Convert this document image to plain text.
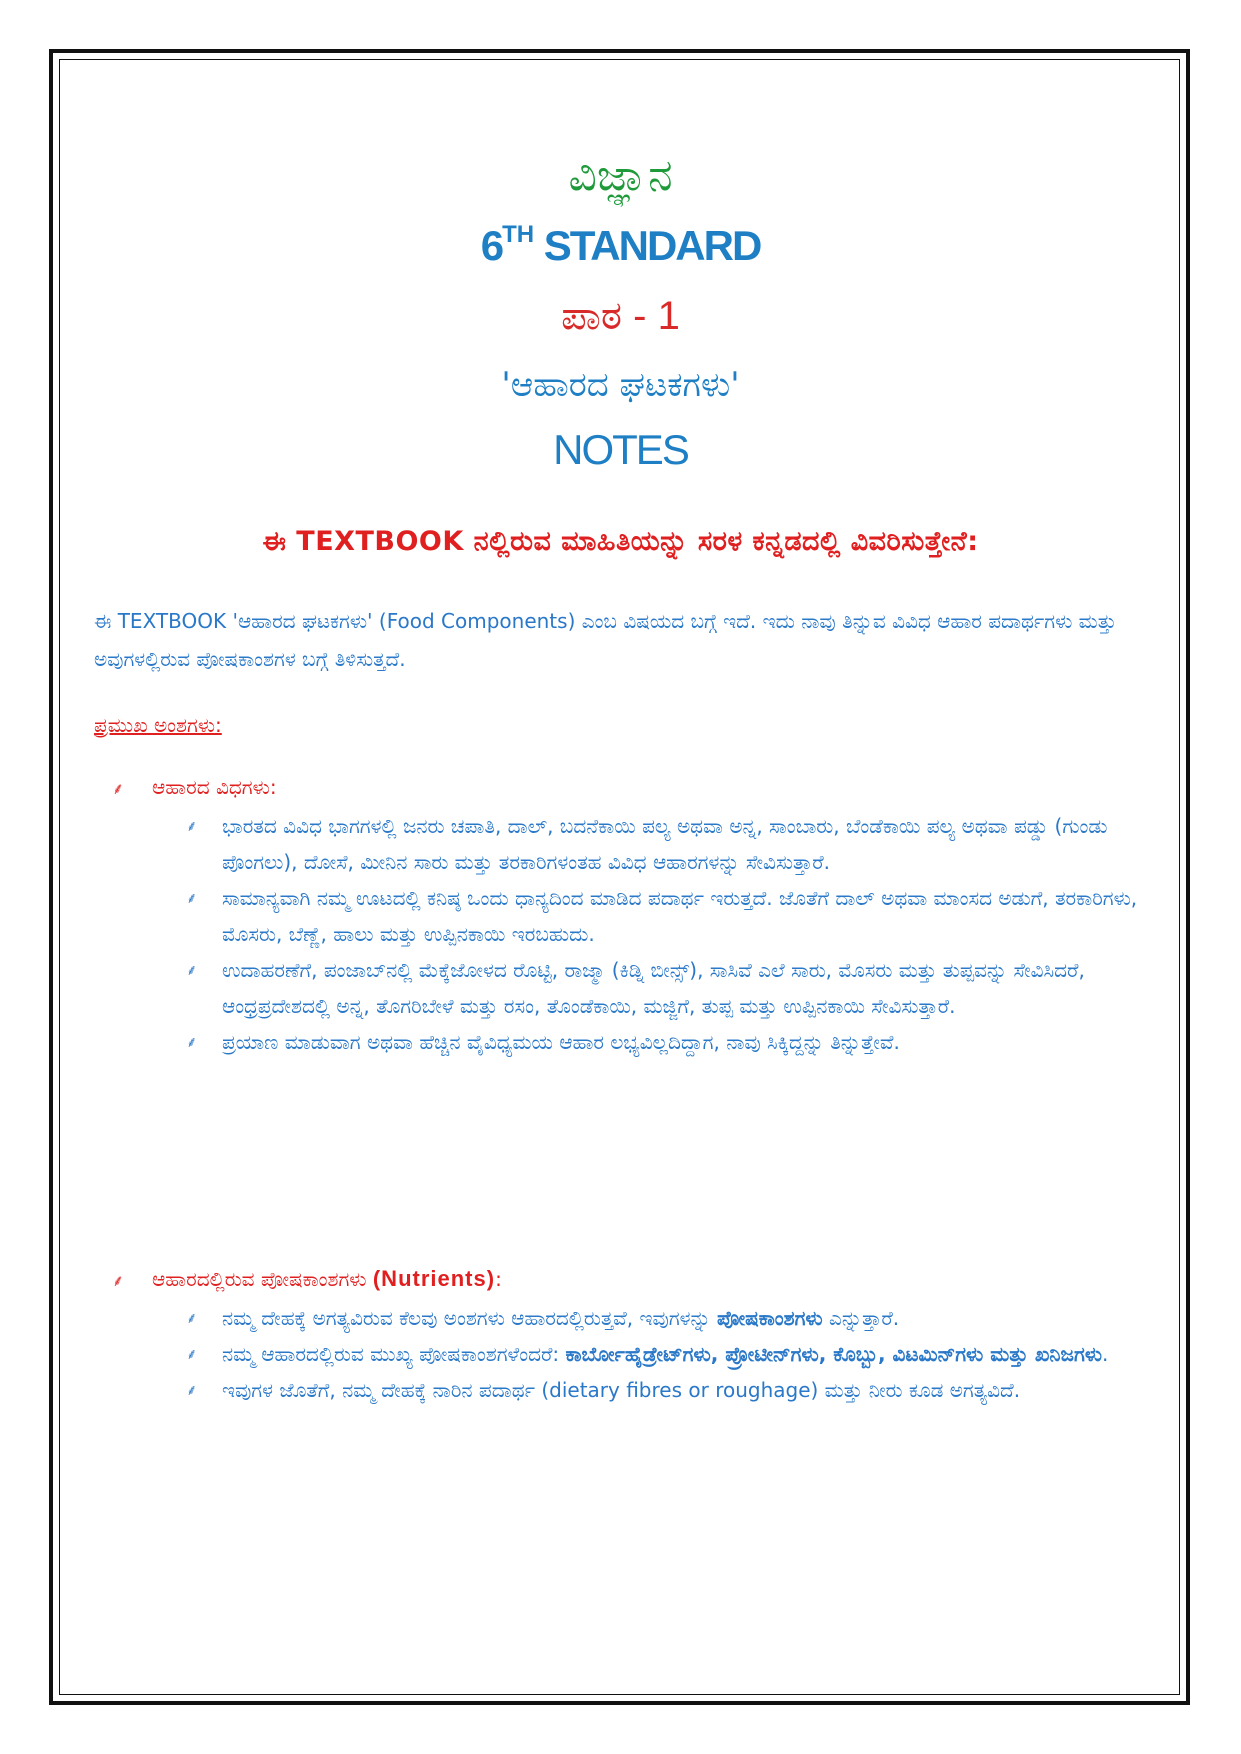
ವಿಜ್ಞಾನ
6TH STANDARD
ಪಾಠ - 1
'ಆಹಾರದ ಘಟಕಗಳು'
NOTES
ಈ TEXTBOOK ನಲ್ಲಿರುವ ಮಾಹಿತಿಯನ್ನು ಸರಳ ಕನ್ನಡದಲ್ಲಿ ವಿವರಿಸುತ್ತೇನೆ:

ಈ TEXTBOOK 'ಆಹಾರದ ಘಟಕಗಳು' (Food Components) ಎಂಬ ವಿಷಯದ ಬಗ್ಗೆ ಇದೆ. ಇದು ನಾವು ತಿನ್ನುವ ವಿವಿಧ ಆಹಾರ ಪದಾರ್ಥಗಳು ಮತ್ತು ಅವುಗಳಲ್ಲಿರುವ ಪೋಷಕಾಂಶಗಳ ಬಗ್ಗೆ ತಿಳಿಸುತ್ತದೆ.

ಪ್ರಮುಖ ಅಂಶಗಳು:

⸙ ಆಹಾರದ ವಿಧಗಳು:

⸙ ಭಾರತದ ವಿವಿಧ ಭಾಗಗಳಲ್ಲಿ ಜನರು ಚಪಾತಿ, ದಾಲ್, ಬದನೆಕಾಯಿ ಪಲ್ಯ ಅಥವಾ ಅನ್ನ, ಸಾಂಬಾರು, ಬೆಂಡೆಕಾಯಿ ಪಲ್ಯ ಅಥವಾ ಪಡ್ಡು (ಗುಂಡು ಪೊಂಗಲು), ದೋಸೆ, ಮೀನಿನ ಸಾರು ಮತ್ತು ತರಕಾರಿಗಳಂತಹ ವಿವಿಧ ಆಹಾರಗಳನ್ನು ಸೇವಿಸುತ್ತಾರೆ.
⸙ ಸಾಮಾನ್ಯವಾಗಿ ನಮ್ಮ ಊಟದಲ್ಲಿ ಕನಿಷ್ಠ ಒಂದು ಧಾನ್ಯದಿಂದ ಮಾಡಿದ ಪದಾರ್ಥ ಇರುತ್ತದೆ. ಜೊತೆಗೆ ದಾಲ್ ಅಥವಾ ಮಾಂಸದ ಅಡುಗೆ, ತರಕಾರಿಗಳು, ಮೊಸರು, ಬೆಣ್ಣೆ, ಹಾಲು ಮತ್ತು ಉಪ್ಪಿನಕಾಯಿ ಇರಬಹುದು.
⸙ ಉದಾಹರಣೆಗೆ, ಪಂಜಾಬ್‌ನಲ್ಲಿ ಮೆಕ್ಕೆಜೋಳದ ರೊಟ್ಟಿ, ರಾಜ್ಮಾ (ಕಿಡ್ನಿ ಬೀನ್ಸ್), ಸಾಸಿವೆ ಎಲೆ ಸಾರು, ಮೊಸರು ಮತ್ತು ತುಪ್ಪವನ್ನು ಸೇವಿಸಿದರೆ, ಆಂಧ್ರಪ್ರದೇಶದಲ್ಲಿ ಅನ್ನ, ತೊಗರಿಬೇಳೆ ಮತ್ತು ರಸಂ, ತೊಂಡೆಕಾಯಿ, ಮಜ್ಜಿಗೆ, ತುಪ್ಪ ಮತ್ತು ಉಪ್ಪಿನಕಾಯಿ ಸೇವಿಸುತ್ತಾರೆ.
⸙ ಪ್ರಯಾಣ ಮಾಡುವಾಗ ಅಥವಾ ಹೆಚ್ಚಿನ ವೈವಿಧ್ಯಮಯ ಆಹಾರ ಲಭ್ಯವಿಲ್ಲದಿದ್ದಾಗ, ನಾವು ಸಿಕ್ಕಿದ್ದನ್ನು ತಿನ್ನುತ್ತೇವೆ.

⸙ ಆಹಾರದಲ್ಲಿರುವ ಪೋಷಕಾಂಶಗಳು (Nutrients):

⸙ ನಮ್ಮ ದೇಹಕ್ಕೆ ಅಗತ್ಯವಿರುವ ಕೆಲವು ಅಂಶಗಳು ಆಹಾರದಲ್ಲಿರುತ್ತವೆ, ಇವುಗಳನ್ನು ಪೋಷಕಾಂಶಗಳು ಎನ್ನುತ್ತಾರೆ.
⸙ ನಮ್ಮ ಆಹಾರದಲ್ಲಿರುವ ಮುಖ್ಯ ಪೋಷಕಾಂಶಗಳೆಂದರೆ: ಕಾರ್ಬೋಹೈಡ್ರೇಟ್‌ಗಳು, ಪ್ರೋಟೀನ್‌ಗಳು, ಕೊಬ್ಬು, ವಿಟಮಿನ್‌ಗಳು ಮತ್ತು ಖನಿಜಗಳು.
⸙ ಇವುಗಳ ಜೊತೆಗೆ, ನಮ್ಮ ದೇಹಕ್ಕೆ ನಾರಿನ ಪದಾರ್ಥ (dietary fibres or roughage) ಮತ್ತು ನೀರು ಕೂಡ ಅಗತ್ಯವಿದೆ.
